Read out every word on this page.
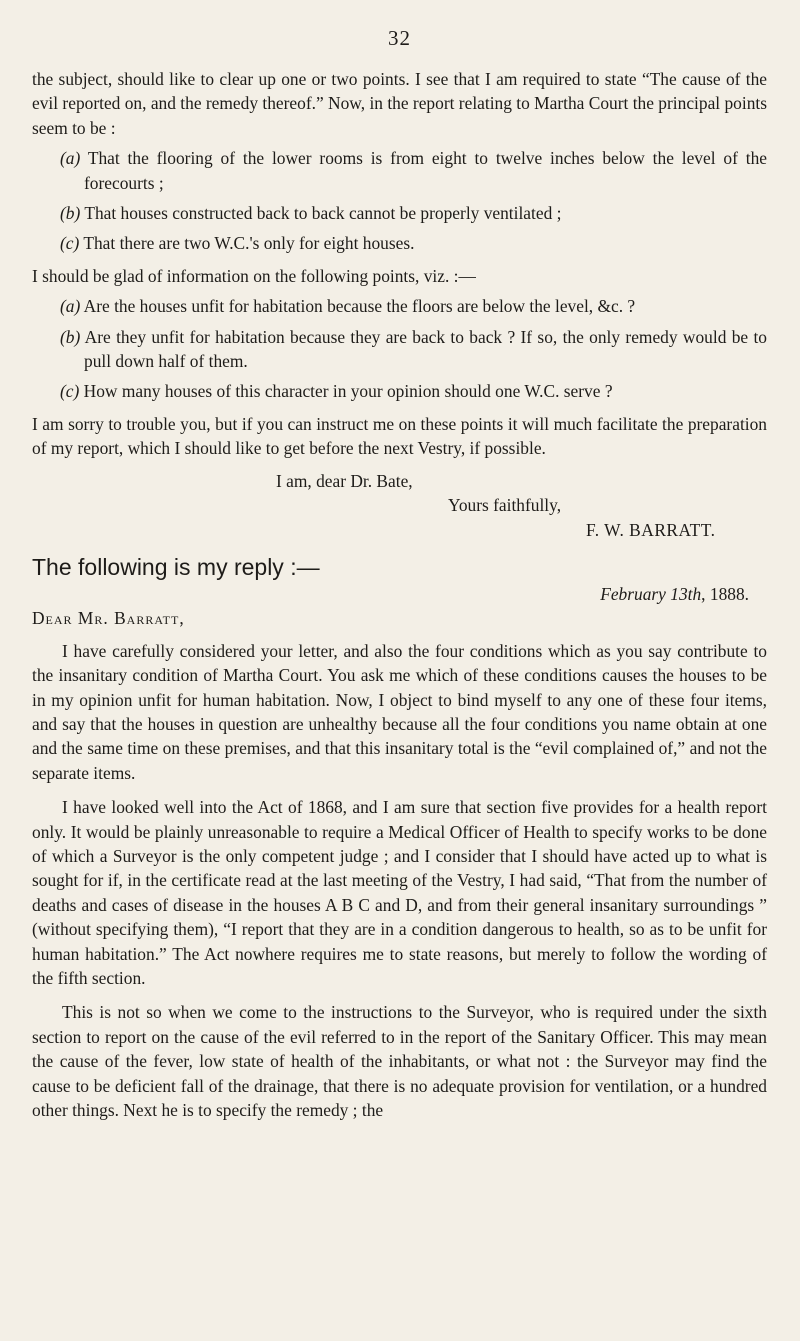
32

the subject, should like to clear up one or two points. I see that I am required to state “The cause of the evil reported on, and the remedy thereof.” Now, in the report relating to Martha Court the principal points seem to be :

(a) That the flooring of the lower rooms is from eight to twelve inches below the level of the forecourts ;

(b) That houses constructed back to back cannot be properly ventilated ;

(c) That there are two W.C.'s only for eight houses.

I should be glad of information on the following points, viz. :—

(a) Are the houses unfit for habitation because the floors are below the level, &c. ?

(b) Are they unfit for habitation because they are back to back ? If so, the only remedy would be to pull down half of them.

(c) How many houses of this character in your opinion should one W.C. serve ?

I am sorry to trouble you, but if you can instruct me on these points it will much facilitate the preparation of my report, which I should like to get before the next Vestry, if possible.

I am, dear Dr. Bate,

Yours faithfully,

F. W. BARRATT.

The following is my reply :—

February 13th, 1888.

Dear Mr. Barratt,

I have carefully considered your letter, and also the four conditions which as you say contribute to the insanitary condition of Martha Court. You ask me which of these conditions causes the houses to be in my opinion unfit for human habitation. Now, I object to bind myself to any one of these four items, and say that the houses in question are unhealthy because all the four conditions you name obtain at one and the same time on these premises, and that this insanitary total is the “evil complained of,” and not the separate items.

I have looked well into the Act of 1868, and I am sure that section five provides for a health report only. It would be plainly unreasonable to require a Medical Officer of Health to specify works to be done of which a Surveyor is the only competent judge ; and I consider that I should have acted up to what is sought for if, in the certificate read at the last meeting of the Vestry, I had said, “That from the number of deaths and cases of disease in the houses A B C and D, and from their general insanitary surroundings ” (without specifying them), “I report that they are in a condition dangerous to health, so as to be unfit for human habitation.” The Act nowhere requires me to state reasons, but merely to follow the wording of the fifth section.

This is not so when we come to the instructions to the Surveyor, who is required under the sixth section to report on the cause of the evil referred to in the report of the Sanitary Officer. This may mean the cause of the fever, low state of health of the inhabitants, or what not : the Surveyor may find the cause to be deficient fall of the drainage, that there is no adequate provision for ventilation, or a hundred other things. Next he is to specify the remedy ; the
